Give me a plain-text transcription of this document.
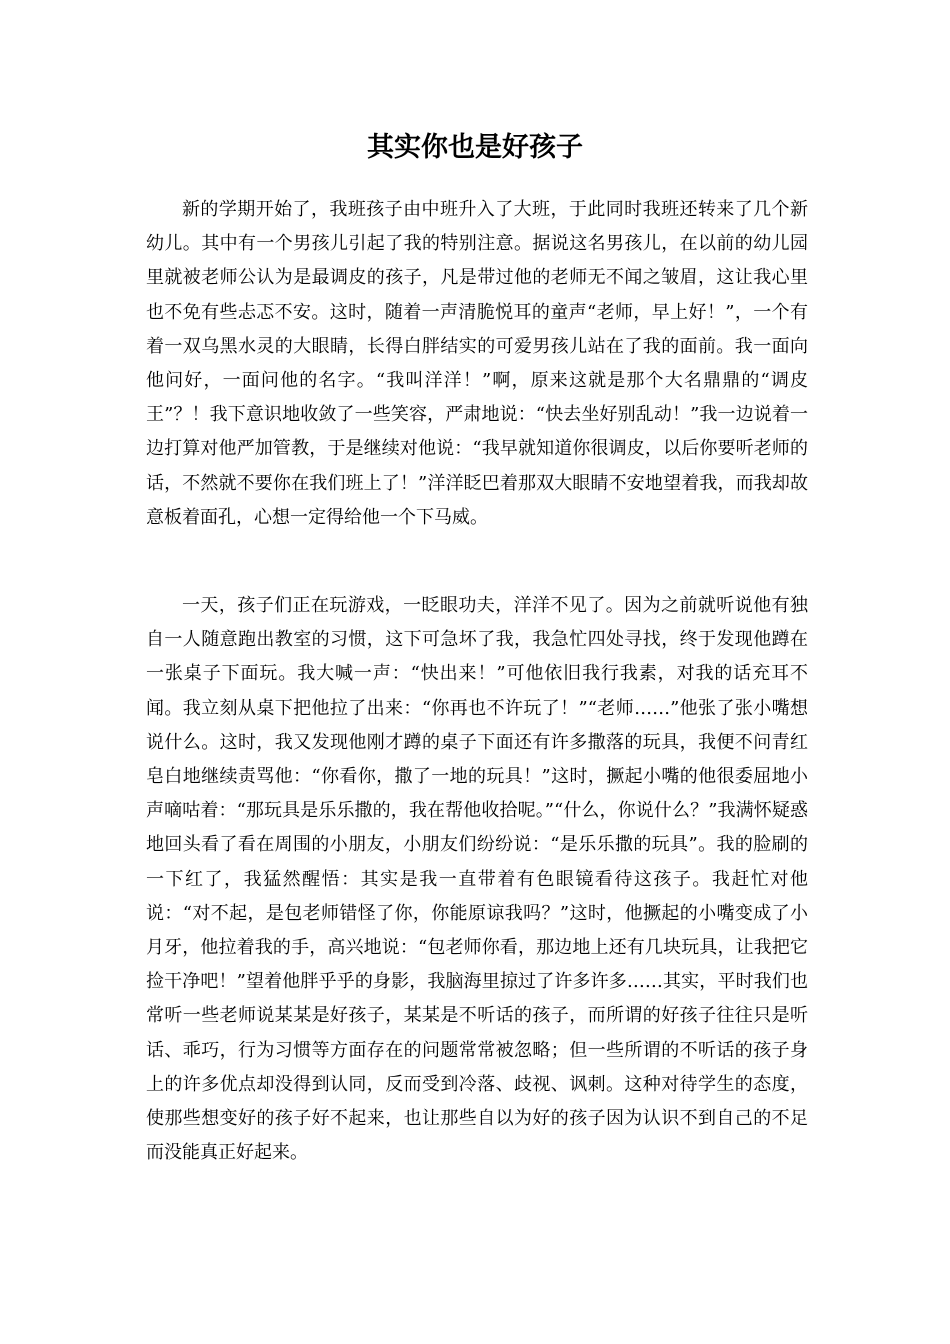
其实你也是好孩子

新的学期开始了，我班孩子由中班升入了大班，于此同时我班还转来了几个新幼儿。其中有一个男孩儿引起了我的特别注意。据说这名男孩儿，在以前的幼儿园里就被老师公认为是最调皮的孩子，凡是带过他的老师无不闻之皱眉，这让我心里也不免有些忐忑不安。这时，随着一声清脆悦耳的童声“老师，早上好！”，一个有着一双乌黑水灵的大眼睛，长得白胖结实的可爱男孩儿站在了我的面前。我一面向他问好，一面问他的名字。“我叫洋洋！”啊，原来这就是那个大名鼎鼎的“调皮王”？！我下意识地收敛了一些笑容，严肃地说：“快去坐好别乱动！”我一边说着一边打算对他严加管教，于是继续对他说：“我早就知道你很调皮，以后你要听老师的话，不然就不要你在我们班上了！”洋洋眨巴着那双大眼睛不安地望着我，而我却故意板着面孔，心想一定得给他一个下马威。

一天，孩子们正在玩游戏，一眨眼功夫，洋洋不见了。因为之前就听说他有独自一人随意跑出教室的习惯，这下可急坏了我，我急忙四处寻找，终于发现他蹲在一张桌子下面玩。我大喊一声：“快出来！”可他依旧我行我素，对我的话充耳不闻。我立刻从桌下把他拉了出来：“你再也不许玩了！”“老师……”他张了张小嘴想说什么。这时，我又发现他刚才蹲的桌子下面还有许多撒落的玩具，我便不问青红皂白地继续责骂他：“你看你，撒了一地的玩具！”这时，撅起小嘴的他很委屈地小声嘀咕着：“那玩具是乐乐撒的，我在帮他收拾呢。”“什么，你说什么？”我满怀疑惑地回头看了看在周围的小朋友，小朋友们纷纷说：“是乐乐撒的玩具”。我的脸刷的一下红了，我猛然醒悟：其实是我一直带着有色眼镜看待这孩子。我赶忙对他说：“对不起，是包老师错怪了你，你能原谅我吗？”这时，他撅起的小嘴变成了小月牙，他拉着我的手，高兴地说：“包老师你看，那边地上还有几块玩具，让我把它捡干净吧！”望着他胖乎乎的身影，我脑海里掠过了许多许多……其实，平时我们也常听一些老师说某某是好孩子，某某是不听话的孩子，而所谓的好孩子往往只是听话、乖巧，行为习惯等方面存在的问题常常被忽略；但一些所谓的不听话的孩子身上的许多优点却没得到认同，反而受到冷落、歧视、讽刺。这种对待学生的态度，使那些想变好的孩子好不起来，也让那些自以为好的孩子因为认识不到自己的不足而没能真正好起来。
